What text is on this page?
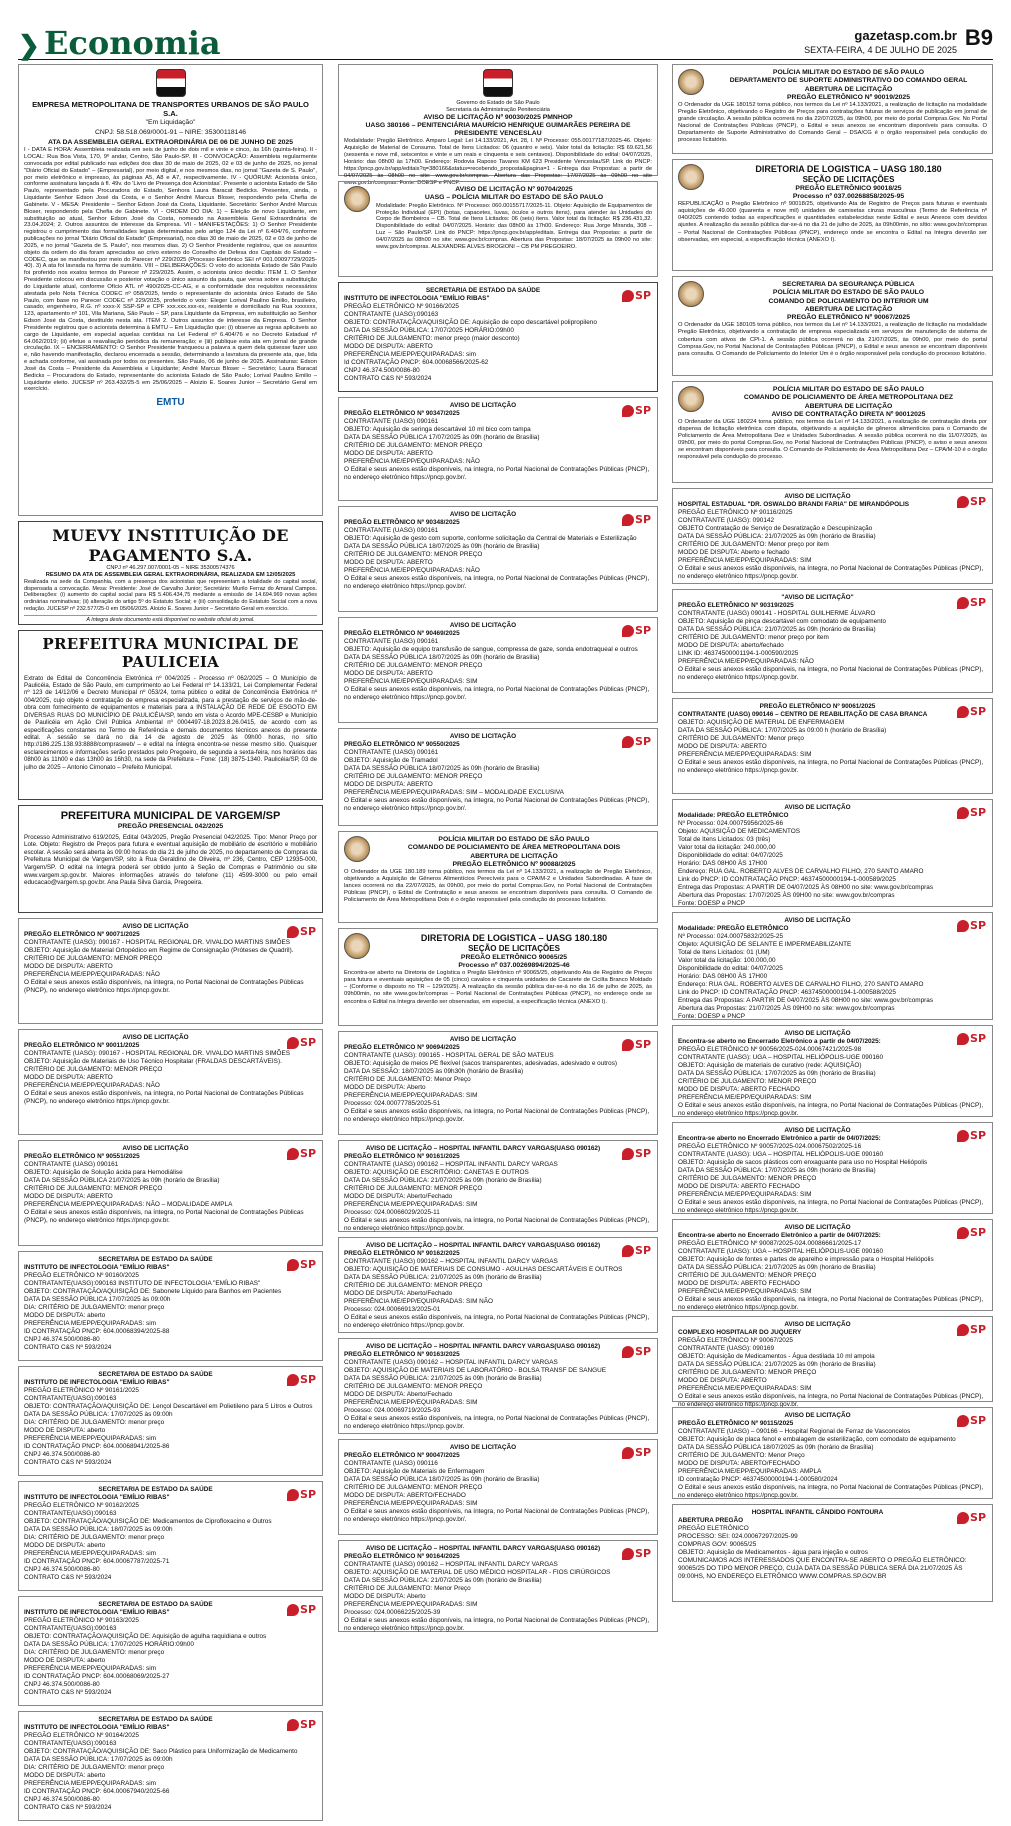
❯ Economia	gazetasp.com.br
SEXTA-FEIRA, 4 DE JULHO DE 2025 B9
EMPRESA METROPOLITANA DE TRANSPORTES URBANOS DE SÃO PAULO S.A.
"Em Liquidação"
CNPJ: 58.518.069/0001-91 – NIRE: 35300118146
ATA DA ASSEMBLEIA GERAL EXTRAORDINÁRIA DE 06 DE JUNHO DE 2025
I - DATA E HORA: Assembleia realizada em seis de junho de dois mil e vinte e cinco, às 16h (quinta-feira). II - LOCAL: Rua Boa Vista, 170, 9º andar, Centro, São Paulo-SP. III - CONVOCAÇÃO: Assembleia regularmente convocada por edital publicado nas edições dos dias 30 de maio de 2025, 02 e 03 de junho de 2025, no jornal "Diário Oficial do Estado" – (Empresarial), por meio digital, e nos mesmos dias, no jornal "Gazeta de S. Paulo", por meio eletrônico e impresso, às páginas A5, A8 e A7, respectivamente. IV - QUÓRUM: Acionista único, conforme assinatura lançada à fl. 49v. do 'Livro de Presença dos Acionistas'. Presente o acionista Estado de São Paulo, representado pela Procuradora do Estado, Senhora Laura Baracat Bedicks. Presentes, ainda, o Liquidante Senhor Edson José da Costa, e o Senhor André Marcus Bloser, respondendo pela Chefia de Gabinete. V - MESA: Presidente – Senhor Edson José da Costa, Liquidante. Secretário: Senhor André Marcus Bloser, respondendo pela Chefia de Gabinete. VI - ORDEM DO DIA: 1) – Eleição de novo Liquidante, em substituição ao atual, Senhor Edson José da Costa, nomeado na Assembleia Geral Extraordinária de 23.04.2024; 2. Outros assuntos de interesse da Empresa. VII - MANIFESTAÇÕES: 1) O Senhor Presidente registrou o cumprimento das formalidades legais determinadas pelo artigo 124 da Lei nº 6.404/76, conforme publicações no jornal "Diário Oficial do Estado" (Empresarial), nos dias 30 de maio de 2025, 02 e 03 de junho de 2025, e no jornal "Gazeta de S. Paulo", nos mesmos dias. 2) O Senhor Presidente registrou, que os assuntos objeto da ordem do dia foram apreciados ao crivo externo do Conselho de Defesa dos Capitais do Estado – CODEC, que se manifestou por meio do Parecer nº 229/2025 (Processo Eletrônico SEI nº 001.00097729/2025-40). 3) A ata foi lavrada na forma de sumário. VIII – DELIBERAÇÕES: O voto do acionista Estado de São Paulo foi proferido nos exatos termos do Parecer nº 229/2025. Assim, o acionista único decidiu: ITEM 1. O Senhor Presidente colocou em discussão e posterior votação o único assunto da pauta, que versa sobre a substituição do Liquidante atual, conforme Ofício ATL nº 490/2025-CC-AG, e a conformidade dos requisitos necessários atestada pelo Nota Técnica CODEC nº 058/2025, tendo o representante do acionista único Estado de São Paulo, com base no Parecer CODEC nº 229/2025, proferido o voto: Eleger Lorival Paulino Emilio, brasileiro, casado, engenheiro, R.G. nº xxxx-X SSP-SP e CPF xxx.xxx.xxx-xx, residente e domiciliado na Rua xxxxxxx, 123, apartamento nº 101, Vila Mariana, São Paulo – SP, para Liquidante da Empresa, em substituição ao Senhor Edson José da Costa, destituído nesta ata. ITEM 2. Outros assuntos de interesse da Empresa. O Senhor Presidente registrou que o acionista determina à EMTU – Em Liquidação que: (i) observe as regras aplicáveis ao cargo de Liquidante, em especial aquelas contidas na Lei Federal nº 6.404/76 e no Decreto Estadual nº 64.062/2019; (ii) efetue a reavaliação periódica da remuneração; e (iii) publique esta ata em jornal de grande circulação. IX – ENCERRAMENTO: O Senhor Presidente franqueou a palavra a quem dela quisesse fazer uso e, não havendo manifestação, declarou encerrada a sessão, determinando a lavratura da presente ata, que, lida e achada conforme, vai assinada por todos os presentes. São Paulo, 06 de junho de 2025. Assinaturas: Edson José da Costa – Presidente da Assembleia e Liquidante; André Marcus Bloser – Secretário; Laura Baracat Bedicks – Procuradora do Estado, representante do acionista Estado de São Paulo; Lorival Paulino Emilio – Liquidante eleito. JUCESP nº 263.432/25-5 em 25/06/2025 – Aloizio E. Soares Junior – Secretário Geral em exercício.
EMTU
MUEVY INSTITUIÇÃO DE PAGAMENTO S.A.
CNPJ nº 46.297.007/0001-05 – NIRE 35300574376
RESUMO DA ATA DE ASSEMBLEIA GERAL EXTRAORDINÁRIA, REALIZADA EM 12/05/2025
Realizada na sede da Companhia, com a presença dos acionistas que representam a totalidade do capital social, dispensada a convocação. Mesa: Presidente: José de Carvalho Junior; Secretário: Murilo Ferraz do Amaral Campos. Deliberações: (i) aumento do capital social para R$ 5.406.434,75 mediante a emissão de 14.694.969 novas ações ordinárias nominativas; (ii) alteração do artigo 5º do Estatuto Social; e (iii) consolidação do Estatuto Social com a nova redação. JUCESP nº 232.577/25-0 em 05/06/2025. Aloizio E. Soares Junior – Secretário Geral em exercício.
A íntegra deste documento está disponível no website oficial do jornal.
PREFEITURA MUNICIPAL DE PAULICEIA
Extrato de Edital de Concorrência Eletrônica nº 004/2025 - Processo nº 062/2025 – O Município de Paulicéia, Estado de São Paulo, em cumprimento ao Lei Federal nº 14.133/21, Lei Complementar Federal nº 123 de 14/12/06 e Decreto Municipal nº 053/24, torna público o edital de Concorrência Eletrônica nº 004/2025, cujo objeto é contratação de empresa especializada, para a prestação de serviços de mão-de-obra com fornecimento de equipamentos e materiais para a INSTALAÇÃO DE REDE DE ESGOTO EM DIVERSAS RUAS DO MUNICÍPIO DE PAULICÉIA/SP, tendo em vista o Acordo MPE-CESBP e Município de Paulicéia em Ação Civil Pública Ambiental nº 0004497-18.2023.8.26.0415, de acordo com as especificações constantes no Termo de Referência e demais documentos técnicos anexos do presente edital. A sessão se dará no dia 14 de agosto de 2025 às 09h00 horas, no sítio http://186.225.138.93:8888/comprasweb/ – e edital na íntegra encontra-se nesse mesmo sítio. Quaisquer esclarecimentos e informações serão prestados pelo Pregoeiro, de segunda a sexta-feira, nos horários das 08h00 às 11h00 e das 13h00 às 16h30, na sede da Prefeitura – Fone: (18) 3875-1340. Paulicéia/SP, 03 de julho de 2025 – Antonio Cimonato – Prefeito Municipal.
PREFEITURA MUNICIPAL DE VARGEM/SP
PREGÃO PRESENCIAL 042/2025
Processo Administrativo 619/2025, Edital 043/2025, Pregão Presencial 042/2025. Tipo: Menor Preço por Lote. Objeto: Registro de Preços para futura e eventual aquisição de mobiliário de escritório e mobiliário escolar. A sessão será aberta às 09:00 horas do dia 21 de julho de 2025, no departamento de Compras da Prefeitura Municipal de Vargem/SP, sito à Rua Geraldino de Oliveira, nº 236, Centro, CEP 12935-000, Vargem/SP. O edital na íntegra poderá ser obtido junto à Seção de Compras e Patrimônio ou site www.vargem.sp.gov.br. Maiores informações através do telefone (11) 4599-3000 ou pelo email educacao@vargem.sp.gov.br. Ana Paula Silva Garcia, Pregoeira.
SP
AVISO DE LICITAÇÃO
PREGÃO ELETRÔNICO Nº 90071/2025
CONTRATANTE (UASG): 090167 - HOSPITAL REGIONAL DR. VIVALDO MARTINS SIMÕES
OBJETO: Aquisição de Material Ortopédico em Regime de Consignação (Próteses de Quadril).
CRITÉRIO DE JULGAMENTO: MENOR PREÇO
MODO DE DISPUTA: ABERTO
PREFERÊNCIA ME/EPP/EQUIPARADAS: NÃO
O Edital e seus anexos estão disponíveis, na íntegra, no Portal Nacional de Contratações Públicas (PNCP), no endereço eletrônico https://pncp.gov.br.
SP
AVISO DE LICITAÇÃO
PREGÃO ELETRÔNICO Nº 90011/2025
CONTRATANTE (UASG): 090167 - HOSPITAL REGIONAL DR. VIVALDO MARTINS SIMÕES
OBJETO: Aquisição de Materiais de Uso Técnico Hospitalar (FRALDAS DESCARTÁVEIS).
CRITÉRIO DE JULGAMENTO: MENOR PREÇO
MODO DE DISPUTA: ABERTO
PREFERÊNCIA ME/EPP/EQUIPARADAS: NÃO
O Edital e seus anexos estão disponíveis, na íntegra, no Portal Nacional de Contratações Públicas (PNCP), no endereço eletrônico https://pncp.gov.br.
SP
AVISO DE LICITAÇÃO
PREGÃO ELETRÔNICO Nº 90551/2025
CONTRATANTE (UASG) 090161
OBJETO: Aquisição de Solução ácida para Hemodiálise
DATA DA SESSÃO PÚBLICA 21/07/2025 às 09h (horário de Brasília)
CRITÉRIO DE JULGAMENTO: MENOR PREÇO
MODO DE DISPUTA: ABERTO
PREFERÊNCIA ME/EPP/EQUIPARADAS: NÃO – MODALIDADE AMPLA
O Edital e seus anexos estão disponíveis, na íntegra, no Portal Nacional de Contratações Públicas (PNCP), no endereço eletrônico https://pncp.gov.br.
SP
SECRETARIA DE ESTADO DA SAÚDE
INSTITUTO DE INFECTOLOGIA "EMÍLIO RIBAS"
PREGÃO ELETRÔNICO Nº 90160/2025
CONTRATANTE(UASG):090163 INSTITUTO DE INFECTOLOGIA "EMÍLIO RIBAS"
OBJETO: CONTRATAÇÃO/AQUISIÇÃO DE: Sabonete Líquido para Banhos em Pacientes
DATA DA SESSÃO PÚBLICA 17/07/2025 às 09:00h
DIA: CRITÉRIO DE JULGAMENTO: menor preço
MODO DE DISPUTA: aberto
PREFERÊNCIA ME/EPP/EQUIPARADAS: sim
ID CONTRATAÇÃO PNCP: 604.00068394/2025-88
CNPJ 46.374.500/0086-80
CONTRATO C&S Nº 593/2024
SP
SECRETARIA DE ESTADO DA SAÚDE
INSTITUTO DE INFECTOLOGIA "EMÍLIO RIBAS"
PREGÃO ELETRÔNICO Nº 90161/2025
CONTRATANTE(UASG):090163
OBJETO: CONTRATAÇÃO/AQUISIÇÃO DE: Lençol Descartável em Polietileno para 5 Litros e Outros
DATA DA SESSÃO PÚBLICA: 17/07/2025 às 09:00h
DIA: CRITÉRIO DE JULGAMENTO: menor preço
MODO DE DISPUTA: aberto
PREFERÊNCIA ME/EPP/EQUIPARADAS: sim
ID CONTRATAÇÃO PNCP: 604.00068941/2025-86
CNPJ 46.374.500/0086-80
CONTRATO C&S Nº 593/2024
SP
SECRETARIA DE ESTADO DA SAÚDE
INSTITUTO DE INFECTOLOGIA "EMÍLIO RIBAS"
PREGÃO ELETRÔNICO Nº 90162/2025
CONTRATANTE(UASG):090163
OBJETO: CONTRATAÇÃO/AQUISIÇÃO DE: Medicamentos de Ciprofloxacino e Outros
DATA DA SESSÃO PÚBLICA: 18/07/2025 às 09:00h
DIA: CRITÉRIO DE JULGAMENTO: menor preço
MODO DE DISPUTA: aberto
PREFERÊNCIA ME/EPP/EQUIPARADAS: sim
ID CONTRATAÇÃO PNCP: 604.00067787/2025-71
CNPJ 46.374.500/0086-80
CONTRATO C&S Nº 593/2024
SP
SECRETARIA DE ESTADO DA SAÚDE
INSTITUTO DE INFECTOLOGIA "EMÍLIO RIBAS"
PREGÃO ELETRÔNICO Nº 90163/2025
CONTRATANTE(UASG):090163
OBJETO: CONTRATAÇÃO/AQUISIÇÃO DE: Aquisição de agulha raquidiana e outros
DATA DA SESSÃO PÚBLICA: 17/07/2025 HORÁRIO:09h00
DIA: CRITÉRIO DE JULGAMENTO: menor preço
MODO DE DISPUTA: aberto
PREFERÊNCIA ME/EPP/EQUIPARADAS: sim
ID CONTRATAÇÃO PNCP: 604.00068069/2025-27
CNPJ 46.374.500/0086-80
CONTRATO C&S Nº 593/2024
SP
SECRETARIA DE ESTADO DA SAÚDE
INSTITUTO DE INFECTOLOGIA "EMÍLIO RIBAS"
PREGÃO ELETRÔNICO Nº 90164/2025
CONTRATANTE(UASG):090163
OBJETO: CONTRATAÇÃO/AQUISIÇÃO DE: Saco Plástico para Uniformização de Medicamento
DATA DA SESSÃO PÚBLICA: 17/07/2025 às 09:00h
DIA: CRITÉRIO DE JULGAMENTO: menor preço
MODO DE DISPUTA: aberto
PREFERÊNCIA ME/EPP/EQUIPARADAS: sim
ID CONTRATAÇÃO PNCP: 604.00067940/2025-66
CNPJ 46.374.500/0086-80
CONTRATO C&S Nº 593/2024
Governo do Estado de São Paulo
Secretaria da Administração Penitenciária
AVISO DE LICITAÇÃO Nº 90030/2025 PMNHOP
UASG 380166 – PENITENCIÁRIA MAURÍCIO HENRIQUE GUIMARÃES PEREIRA DE PRESIDENTE VENCESLAU
Modalidade: Pregão Eletrônico. Amparo Legal: Lei 14.133/2021, Art. 28, I. Nº Processo: 055.00177187/2025-46. Objeto: Aquisição de Material de Consumo. Total de Itens Licitados: 06 (quantro e seis). Valor total da licitação: R$ 69.621,56 (sessenta e nove mil, seiscentos e vinte e um reais e cinquenta e seis centavos). Disponibilidade do edital: 04/07/2025, Horário: das 08h00 às 17h00. Endereço: Rodovia Raposo Tavares KM 623 Presidente Venceslau/SP. Link do PNCP: https://pncp.gov.br/app/editais?q=380166&status=recebendo_proposta&pagina=1 - Entrega das Propostas: a partir de 04/07/2025 às 08h00 no site: www.gov.br/compras. Abertura das Propostas: 17/07/2025 às 09h00 no site www.gov.br/compras. Fonte: DOESP e PNCP.
AVISO DE LICITAÇÃO Nº 90704/2025
UASG – POLÍCIA MILITAR DO ESTADO DE SÃO PAULO
Modalidade: Pregão Eletrônico. Nº Processo: 060.00155717/2025-11. Objeto: Aquisição de Equipamentos de Proteção Individual (EPI) (botas, capacetes, luvas, óculos e outros itens), para atender às Unidades do Corpo de Bombeiros – CB. Total de Itens Licitados: 06 (seis) itens. Valor total da licitação: R$ 236.431,32. Disponibilidade do edital: 04/07/2025. Horário: das 08h00 às 17h00. Endereço: Rua Jorge Miranda, 308 – Luz – São Paulo/SP. Link do PNCP: https://pncp.gov.br/app/editais. Entrega das Propostas: a partir de 04/07/2025 às 08h00 no site: www.gov.br/compras. Abertura das Propostas: 18/07/2025 às 09h00 no site: www.gov.br/compras. ALEXANDRE ALVES BROGIONI – CB PM PREGOEIRO.
SP
SECRETARIA DE ESTADO DA SAÚDE
INSTITUTO DE INFECTOLOGIA "EMÍLIO RIBAS"
PREGÃO ELETRÔNICO Nº 90166/2025
CONTRATANTE (UASG):090163
OBJETO: CONTRATAÇÃO/AQUISIÇÃO DE: Aquisição de copo descartável polipropileno
DATA DA SESSÃO PÚBLICA: 17/07/2025 HORÁRIO:09h00
CRITÉRIO DE JULGAMENTO: menor preço (maior desconto)
MODO DE DISPUTA: ABERTO
PREFERÊNCIA ME/EPP/EQUIPARADAS: sim
Id CONTRATAÇÃO PNCP: 604.00068566/2025-62
CNPJ 46.374.500/0086-80
CONTRATO C&S Nº 593/2024
SP
AVISO DE LICITAÇÃO
PREGÃO ELETRÔNICO Nº 90347/2025
CONTRATANTE (UASG) 090161
OBJETO: Aquisição de seringa descartável 10 ml bico com tampa
DATA DA SESSÃO PÚBLICA 17/07/2025 às 09h (horário de Brasília)
CRITÉRIO DE JULGAMENTO: MENOR PREÇO
MODO DE DISPUTA: ABERTO
PREFERÊNCIA ME/EPP/EQUIPARADAS: NÃO
O Edital e seus anexos estão disponíveis, na íntegra, no Portal Nacional de Contratações Públicas (PNCP), no endereço eletrônico https://pncp.gov.br/.
SP
AVISO DE LICITAÇÃO
PREGÃO ELETRÔNICO Nº 90348/2025
CONTRATANTE (UASG) 090161
OBJETO: Aquisição de gesto com suporte, conforme solicitação da Central de Materiais e Esterilização
DATA DA SESSÃO PÚBLICA 18/07/2025 às 09h (horário de Brasília)
CRITÉRIO DE JULGAMENTO: MENOR PREÇO
MODO DE DISPUTA: ABERTO
PREFERÊNCIA ME/EPP/EQUIPARADAS: NÃO
O Edital e seus anexos estão disponíveis, na íntegra, no Portal Nacional de Contratações Públicas (PNCP), no endereço eletrônico https://pncp.gov.br/.
SP
AVISO DE LICITAÇÃO
PREGÃO ELETRÔNICO Nº 90469/2025
CONTRATANTE (UASG) 090161
OBJETO: Aquisição de equipo transfusão de sangue, compressa de gaze, sonda endotraqueal e outros
DATA DA SESSÃO PÚBLICA 18/07/2025 às 09h (horário de Brasília)
CRITÉRIO DE JULGAMENTO: MENOR PREÇO
MODO DE DISPUTA: ABERTO
PREFERÊNCIA ME/EPP/EQUIPARADAS: SIM
O Edital e seus anexos estão disponíveis, na íntegra, no Portal Nacional de Contratações Públicas (PNCP), no endereço eletrônico https://pncp.gov.br/.
SP
AVISO DE LICITAÇÃO
PREGÃO ELETRÔNICO Nº 90550/2025
CONTRATANTE (UASG) 090161
OBJETO: Aquisição de Tramadol
DATA DA SESSÃO PÚBLICA 18/07/2025 às 09h (horário de Brasília)
CRITÉRIO DE JULGAMENTO: MENOR PREÇO
MODO DE DISPUTA: ABERTO
PREFERÊNCIA ME/EPP/EQUIPARADAS: SIM – MODALIDADE EXCLUSIVA
O Edital e seus anexos estão disponíveis, na íntegra, no Portal Nacional de Contratações Públicas (PNCP), no endereço eletrônico https://pncp.gov.br/.
POLÍCIA MILITAR DO ESTADO DE SÃO PAULO
COMANDO DE POLICIAMENTO DE ÁREA METROPOLITANA DOIS
ABERTURA DE LICITAÇÃO
PREGÃO ELETRÔNICO Nº 90088/2025
O Ordenador da UGE 180.189 torna público, nos termos da Lei nº 14.133/2021, a realização de Pregão Eletrônico, objetivando a Aquisição de Gêneros Alimentícios Perecíveis para o CPA/M-2 e Unidades Subordinadas. A fase de lances ocorrerá no dia 22/07/2025, às 09h00, por meio do portal Compras.Gov, no Portal Nacional de Contratações Públicas (PNCP), o Edital de Contratação e seus anexos se encontram disponíveis para consulta. O Comando de Policiamento de Área Metropolitana Dois é o órgão responsável pela condução do processo licitatório.
DIRETORIA DE LOGISTICA – UASG 180.180
SEÇÃO DE LICITAÇÕES
PREGÃO ELETRÔNICO 90065/25
Processo nº 037.00269894/2025-46
Encontra-se aberto na Diretoria de Logística o Pregão Eletrônico nº 90065/25, objetivando Ata de Registro de Preços para futura e eventuais aquisições de 05 (cinco) cavalos e cinquenta unidades de Cacarete de Cicilta Branco Moldado – (Conforme o disposto no TR – 129/2025). A realização da sessão pública dar-se-á no dia 16 de julho de 2025, às 09h00min, no site www.gov.br/compras – Portal Nacional de Contratações Públicas (PNCP), no endereço onde se encontra o Edital na íntegra deverão ser observadas, em especial, a especificação técnica (ANEXO I).
SP
AVISO DE LICITAÇÃO
PREGÃO ELETRÔNICO Nº 90694/2025
CONTRATANTE (UASG): 090165 - HOSPITAL GERAL DE SÃO MATEUS
OBJETO: Aquisição de meios PE flexível (sacos transparentes, adesivadas, adesivado e outros)
DATA DA SESSÃO: 18/07/2025 às 09h30h (horário de Brasília)
CRITÉRIO DE JULGAMENTO: Menor Preço
MODO DE DISPUTA: Aberto
PREFERÊNCIA ME/EPP/EQUIPARADAS: SIM
Processo: 024.00077785/2025-51
O Edital e seus anexos estão disponíveis, na íntegra, no Portal Nacional de Contratações Públicas (PNCP), no endereço eletrônico https://pncp.gov.br.
SP
AVISO DE LICITAÇÃO – HOSPITAL INFANTIL DARCY VARGAS(UASG 090162)
PREGÃO ELETRÔNICO Nº 90161/2025
CONTRATANTE (UASG) 090162 – HOSPITAL INFANTIL DARCY VARGAS
OBJETO: AQUISIÇÃO DE ESCRITÓRIO: CANETAS E OUTROS
DATA DA SESSÃO PÚBLICA: 21/07/2025 às 09h (horário de Brasília)
CRITÉRIO DE JULGAMENTO: MENOR PREÇO
MODO DE DISPUTA: Aberto/Fechado
PREFERÊNCIA ME/EPP/EQUIPARADAS: SIM
Processo: 024.00066029/2025-11
O Edital e seus anexos estão disponíveis, na íntegra, no Portal Nacional de Contratações Públicas (PNCP), no endereço eletrônico https://pncp.gov.br.
SP
AVISO DE LICITAÇÃO – HOSPITAL INFANTIL DARCY VARGAS(UASG 090162)
PREGÃO ELETRÔNICO Nº 90162/2025
CONTRATANTE (UASG) 090162 – HOSPITAL INFANTIL DARCY VARGAS
OBJETO: AQUISIÇÃO DE MATERIAIS DE CONSUMO - AGULHAS DESCARTÁVEIS E OUTROS
DATA DA SESSÃO PÚBLICA: 21/07/2025 às 09h (horário de Brasília)
CRITÉRIO DE JULGAMENTO: MENOR PREÇO
MODO DE DISPUTA: Aberto/Fechado
PREFERÊNCIA ME/EPP/EQUIPARADAS: SIM NÃO
Processo: 024.00066913/2025-01
O Edital e seus anexos estão disponíveis, na íntegra, no Portal Nacional de Contratações Públicas (PNCP), no endereço eletrônico https://pncp.gov.br.
SP
AVISO DE LICITAÇÃO – HOSPITAL INFANTIL DARCY VARGAS(UASG 090162)
PREGÃO ELETRÔNICO Nº 90163/2025
CONTRATANTE (UASG) 090162 – HOSPITAL INFANTIL DARCY VARGAS
OBJETO: AQUISIÇÃO DE MATERIAIS DE LABORATÓRIO - BOLSA TRANSF DE SANGUE
DATA DA SESSÃO PÚBLICA: 21/07/2025 às 09h (horário de Brasília)
CRITÉRIO DE JULGAMENTO: MENOR PREÇO
MODO DE DISPUTA: Aberto/Fechado
PREFERÊNCIA ME/EPP/EQUIPARADAS: SIM
Processo: 024.00069719/2025-93
O Edital e seus anexos estão disponíveis, na íntegra, no Portal Nacional de Contratações Públicas (PNCP), no endereço eletrônico https://pncp.gov.br.
SP
AVISO DE LICITAÇÃO
PREGÃO ELETRÔNICO Nº 90047/2025
CONTRATANTE (UASG) 090116
OBJETO: Aquisição de Materiais de Enfermagem
DATA DA SESSÃO PÚBLICA 18/07/2025 às 09h (horário de Brasília)
CRITÉRIO DE JULGAMENTO: MENOR PREÇO
MODO DE DISPUTA: ABERTO/FECHADO
PREFERÊNCIA ME/EPP/EQUIPARADAS: SIM
O Edital e seus anexos estão disponíveis, na íntegra, no Portal Nacional de Contratações Públicas (PNCP), no endereço eletrônico https://pncp.gov.br/.
SP
AVISO DE LICITAÇÃO – HOSPITAL INFANTIL DARCY VARGAS(UASG 090162)
PREGÃO ELETRÔNICO Nº 90164/2025
CONTRATANTE (UASG) 090162 – HOSPITAL INFANTIL DARCY VARGAS
OBJETO: AQUISIÇÃO DE MATERIAL DE USO MÉDICO HOSPITALAR - FIOS CIRÚRGICOS
DATA DA SESSÃO PÚBLICA: 21/07/2025 às 09h (horário de Brasília)
CRITÉRIO DE JULGAMENTO: Menor Preço
MODO DE DISPUTA: Aberto
PREFERÊNCIA ME/EPP/EQUIPARADAS: SIM
Processo: 024.00066225/2025-39
O Edital e seus anexos estão disponíveis, na íntegra, no Portal Nacional de Contratações Públicas (PNCP), no endereço eletrônico https://pncp.gov.br.
POLÍCIA MILITAR DO ESTADO DE SÃO PAULO
DEPARTAMENTO DE SUPORTE ADMINISTRATIVO DO COMANDO GERAL
ABERTURA DE LICITAÇÃO
PREGÃO ELETRÔNICO Nº 90019/2025
O Ordenador da UGE 180152 torna público, nos termos da Lei nº 14.133/2021, a realização de licitação na modalidade Pregão Eletrônico, objetivando o Registro de Preços para contratações futuras de serviços de publicação em jornal de grande circulação. A sessão pública ocorrerá no dia 22/07/2025, às 09h00, por meio do portal Compras.Gov. No Portal Nacional de Contratações Públicas (PNCP), o Edital e seus anexos se encontram disponíveis para consulta. O Departamento de Suporte Administrativo do Comando Geral – DSA/CG é o órgão responsável pela condução do processo licitatório.
DIRETORIA DE LOGISTICA – UASG 180.180
SEÇÃO DE LICITAÇÕES
PREGÃO ELETRÔNICO 90018/25
Processo nº 037.00268858/2025-95
REPUBLICAÇÃO o Pregão Eletrônico nº 90018/25, objetivando Ata de Registro de Preços para futuras e eventuais aquisições de 49.000 (quarenta e nove mil) unidades de camisetas cinzas masculinas (Termo de Referência nº 040/2025 contendo todas as especificações e quantidades estabelecidas neste Edital e seus Anexos com devidos ajustes. A realização da sessão pública dar-se-á no dia 21 de julho de 2025, às 09h00min, no sítio: www.gov.br/compras – Portal Nacional de Contratações Públicas (PNCP), endereço onde se encontra o Edital na íntegra deverão ser observadas, em especial, a especificação técnica (ANEXO I).
SECRETARIA DA SEGURANÇA PÚBLICA
POLÍCIA MILITAR DO ESTADO DE SÃO PAULO
COMANDO DE POLICIAMENTO DO INTERIOR UM
ABERTURA DE LICITAÇÃO
PREGÃO ELETRÔNICO Nº 90067/2025
O Ordenador da UGE 180105 torna público, nos termos da Lei nº 14.133/2021, a realização de licitação na modalidade Pregão Eletrônico, objetivando a contratação de empresa especializada em serviços de manutenção de sistema de cobertura com ativos de CPI-1. A sessão pública ocorrerá no dia 21/07/2025, às 09h00, por meio do portal Compras.Gov, no Portal Nacional de Contratações Públicas (PNCP), o Edital e seus anexos se encontram disponíveis para consulta. O Comando de Policiamento do Interior Um é o órgão responsável pela condução do processo licitatório.
POLÍCIA MILITAR DO ESTADO DE SÃO PAULO
COMANDO DE POLICIAMENTO DE ÁREA METROPOLITANA DEZ
ABERTURA DE LICITAÇÃO
AVISO DE CONTRATAÇÃO DIRETA Nº 90012025
O Ordenador da UGE 180224 torna público, nos termos da Lei nº 14.133/2021, a realização de contratação direta por dispensa de licitação eletrônica com disputa, objetivando a aquisição de gêneros alimentícios para o Comando de Policiamento de Área Metropolitana Dez e Unidades Subordinadas. A sessão pública ocorrerá no dia 11/07/2025, às 09h00, por meio do portal Compras.Gov, no Portal Nacional de Contratações Públicas (PNCP), o aviso e seus anexos se encontram disponíveis para consulta. O Comando de Policiamento de Área Metropolitana Dez – CPA/M-10 é o órgão responsável pela condução do processo.
SP
AVISO DE LICITAÇÃO
HOSPITAL ESTADUAL "DR. OSWALDO BRANDI FARIA" DE MIRANDÓPOLIS
PREGÃO ELETRÔNICO Nº 90116/2025
CONTRATANTE (UASG): 090142
OBJETO Contratação de Serviço de Desratização e Descupinização
DATA DA SESSÃO PÚBLICA: 21/07/2025 às 09h (horário de Brasília)
CRITÉRIO DE JULGAMENTO: Menor preço por item
MODO DE DISPUTA: Aberto e fechado
PREFERÊNCIA ME/EPP/EQUIPARADAS: SIM
O Edital e seus anexos estão disponíveis, na íntegra, no Portal Nacional de Contratações Públicas (PNCP), no endereço eletrônico https://pncp.gov.br.
SP
"AVISO DE LICITAÇÃO"
PREGÃO ELETRÔNICO Nº 90319/2025
CONTRATANTE (UASG) 090141 - HOSPITAL GUILHERME ÁLVARO
OBJETO: Aquisição de pinça descartável com comodato de equipamento
DATA DA SESSÃO PÚBLICA: 21/07/2025 às 09h (horário de Brasília)
CRITÉRIO DE JULGAMENTO: menor preço por item
MODO DE DISPUTA: aberto/fechado
LINK ID: 46374500001194-1-000590/2025
PREFERÊNCIA ME/EPP/EQUIPARADAS: NÃO
O Edital e seus anexos estão disponíveis, na íntegra, no Portal Nacional de Contratações Públicas (PNCP), no endereço eletrônico https://pncp.gov.br.
SP
PREGÃO ELETRÔNICO Nº 90061/2025
CONTRATANTE (UASG) 090146 – CENTRO DE REABILITAÇÃO DE CASA BRANCA
OBJETO: AQUISIÇÃO DE MATERIAL DE ENFERMAGEM
DATA DA SESSÃO PÚBLICA: 17/07/2025 às 09:00 h (horário de Brasília)
CRITÉRIO DE JULGAMENTO: Menor preço
MODO DE DISPUTA: ABERTO
PREFERÊNCIA ME/EPP/EQUIPARADAS: SIM
O Edital e seus anexos estão disponíveis, na íntegra, no Portal Nacional de Contratações Públicas (PNCP), no endereço eletrônico https://pncp.gov.br.
SP
AVISO DE LICITAÇÃO
Modalidade: PREGÃO ELETRÔNICO
Nº Processo: 024.00075956/2025-66
Objeto: AQUISIÇÃO DE MEDICAMENTOS
Total de Itens Licitados: 03 (três)
Valor total da licitação: 240.000,00
Disponibilidade do edital: 04/07/2025
Horário: DAS 08H00 ÀS 17H00
Endereço: RUA GAL. ROBERTO ALVES DE CARVALHO FILHO, 270 SANTO AMARO
Link do PNCP: ID CONTRATAÇÃO PNCP: 46374500000194-1-000589/2025
Entrega das Propostas: A PARTIR DE 04/07/2025 ÀS 08H00 no site: www.gov.br/compras
Abertura das Propostas: 17/07/2025 ÀS 09H00 no site: www.gov.br/compras
Fonte: DOESP e PNCP
SP
AVISO DE LICITAÇÃO
Modalidade: PREGÃO ELETRÔNICO
Nº Processo: 024.00075832/2025-25
Objeto: AQUISIÇÃO DE SELANTE E IMPERMEABILIZANTE
Total de Itens Licitados: 01 (UM)
Valor total da licitação: 100.000,00
Disponibilidade do edital: 04/07/2025
Horário: DAS 08H00 ÀS 17H00
Endereço: RUA GAL. ROBERTO ALVES DE CARVALHO FILHO, 270 SANTO AMARO
Link do PNCP: ID CONTRATAÇÃO PNCP: 46374500000194-1-000588/2025
Entrega das Propostas: A PARTIR DE 04/07/2025 ÀS 08H00 no site: www.gov.br/compras
Abertura das Propostas: 21/07/2025 ÀS 09H00 no site: www.gov.br/compras
Fonte: DOESP e PNCP
SP
AVISO DE LICITAÇÃO
Encontra-se aberto no Encerrado Eletrônico a partir de 04/07/2025:
PREGÃO ELETRÔNICO Nº 90056/2025-024.00067421/2025-98
CONTRATANTE (UASG): UGA – HOSPITAL HELIÓPOLIS-UGE 090160
OBJETO: Aquisição de materiais de curativo (rede: AQUISIÇÃO)
DATA DA SESSÃO PÚBLICA: 17/07/2025 às 09h (horário de Brasília)
CRITÉRIO DE JULGAMENTO: MENOR PREÇO
MODO DE DISPUTA: ABERTO FECHADO
PREFERÊNCIA ME/EPP/EQUIPARADAS: SIM
O Edital e seus anexos estão disponíveis, na íntegra, no Portal Nacional de Contratações Públicas (PNCP), no endereço eletrônico https://pncp.gov.br.
SP
AVISO DE LICITAÇÃO
Encontra-se aberto no Encerrado Eletrônico a partir de 04/07/2025:
PREGÃO ELETRÔNICO Nº 90057/2025-024.00067502/2025-16
CONTRATANTE (UASG): UGA – HOSPITAL HELIÓPOLIS-UGE 090160
OBJETO: Aquisição de sacos plásticos com enxaguante para uso no Hospital Heliópolis
DATA DA SESSÃO PÚBLICA: 17/07/2025 às 09h (horário de Brasília)
CRITÉRIO DE JULGAMENTO: MENOR PREÇO
MODO DE DISPUTA: ABERTO FECHADO
PREFERÊNCIA ME/EPP/EQUIPARADAS: SIM
O Edital e seus anexos estão disponíveis, na íntegra, no Portal Nacional de Contratações Públicas (PNCP), no endereço eletrônico https://pncp.gov.br.
SP
AVISO DE LICITAÇÃO
Encontra-se aberto no Encerrado Eletrônico a partir de 04/07/2025:
PREGÃO ELETRÔNICO Nº 90087/2025-024.00086661/2025-17
CONTRATANTE (UASG): UGA – HOSPITAL HELIÓPOLIS-UGE 090160
OBJETO: Aquisição de fontes e partes de aparelho e impressão para o Hospital Heliópolis
DATA DA SESSÃO PÚBLICA: 21/07/2025 às 09h (horário de Brasília)
CRITÉRIO DE JULGAMENTO: MENOR PREÇO
MODO DE DISPUTA: ABERTO FECHADO
PREFERÊNCIA ME/EPP/EQUIPARADAS: SIM
O Edital e seus anexos estão disponíveis, na íntegra, no Portal Nacional de Contratações Públicas (PNCP), no endereço eletrônico https://pncp.gov.br.
SP
AVISO DE LICITAÇÃO
COMPLEXO HOSPITALAR DO JUQUERY
PREGÃO ELETRÔNICO Nº 90067/2025
CONTRATANTE (UASG): 090169
OBJETO: Aquisição de Medicamentos - Água destilada 10 ml ampola
DATA DA SESSÃO PÚBLICA: 21/07/2025 às 09h (horário de Brasília)
CRITÉRIO DE JULGAMENTO: MENOR PREÇO
MODO DE DISPUTA: ABERTO
PREFERÊNCIA ME/EPP/EQUIPARADAS: SIM
O Edital e seus anexos estão disponíveis, na íntegra, no Portal Nacional de Contratações Públicas (PNCP), no endereço eletrônico https://pncp.gov.br.
SP
AVISO DE LICITAÇÃO
PREGÃO ELETRÔNICO Nº 90115/2025
CONTRATANTE (UASG) – 090166 – Hospital Regional de Ferraz de Vasconcelos
OBJETO: Aquisição de placa fenol e embalagem de esterilização, com comodato de equipamento
DATA DA SESSÃO PÚBLICA 18/07/2025 às 09h (horário de Brasília)
CRITÉRIO DE JULGAMENTO: Menor Preço
MODO DE DISPUTA: ABERTO/FECHADO
PREFERÊNCIA ME/EPP/EQUIPARADAS: AMPLA
ID contratação PNCP: 46374500000194-1-000580/2024
O Edital e seus anexos estão disponíveis, na íntegra, no Portal Nacional de Contratações Públicas (PNCP), no endereço eletrônico https://pncp.gov.br.
SP
HOSPITAL INFANTIL CÂNDIDO FONTOURA
ABERTURA PREGÃO
PREGÃO ELETRÔNICO
PROCESSO: SEI: 024.00067297/2025-99
COMPRAS GOV: 90065/25
OBJETO: Aquisição de Medicamentos - água para injeção e outros
COMUNICAMOS AOS INTERESSADOS QUE ENCONTRA-SE ABERTO O PREGÃO ELETRÔNICO: 90065/25 DO TIPO MENOR PREÇO, CUJA DATA DA SESSÃO PÚBLICA SERÁ DIA 21/07/2025 ÀS 09:00HS, NO ENDEREÇO ELETRÔNICO WWW.COMPRAS.SP.GOV.BR
